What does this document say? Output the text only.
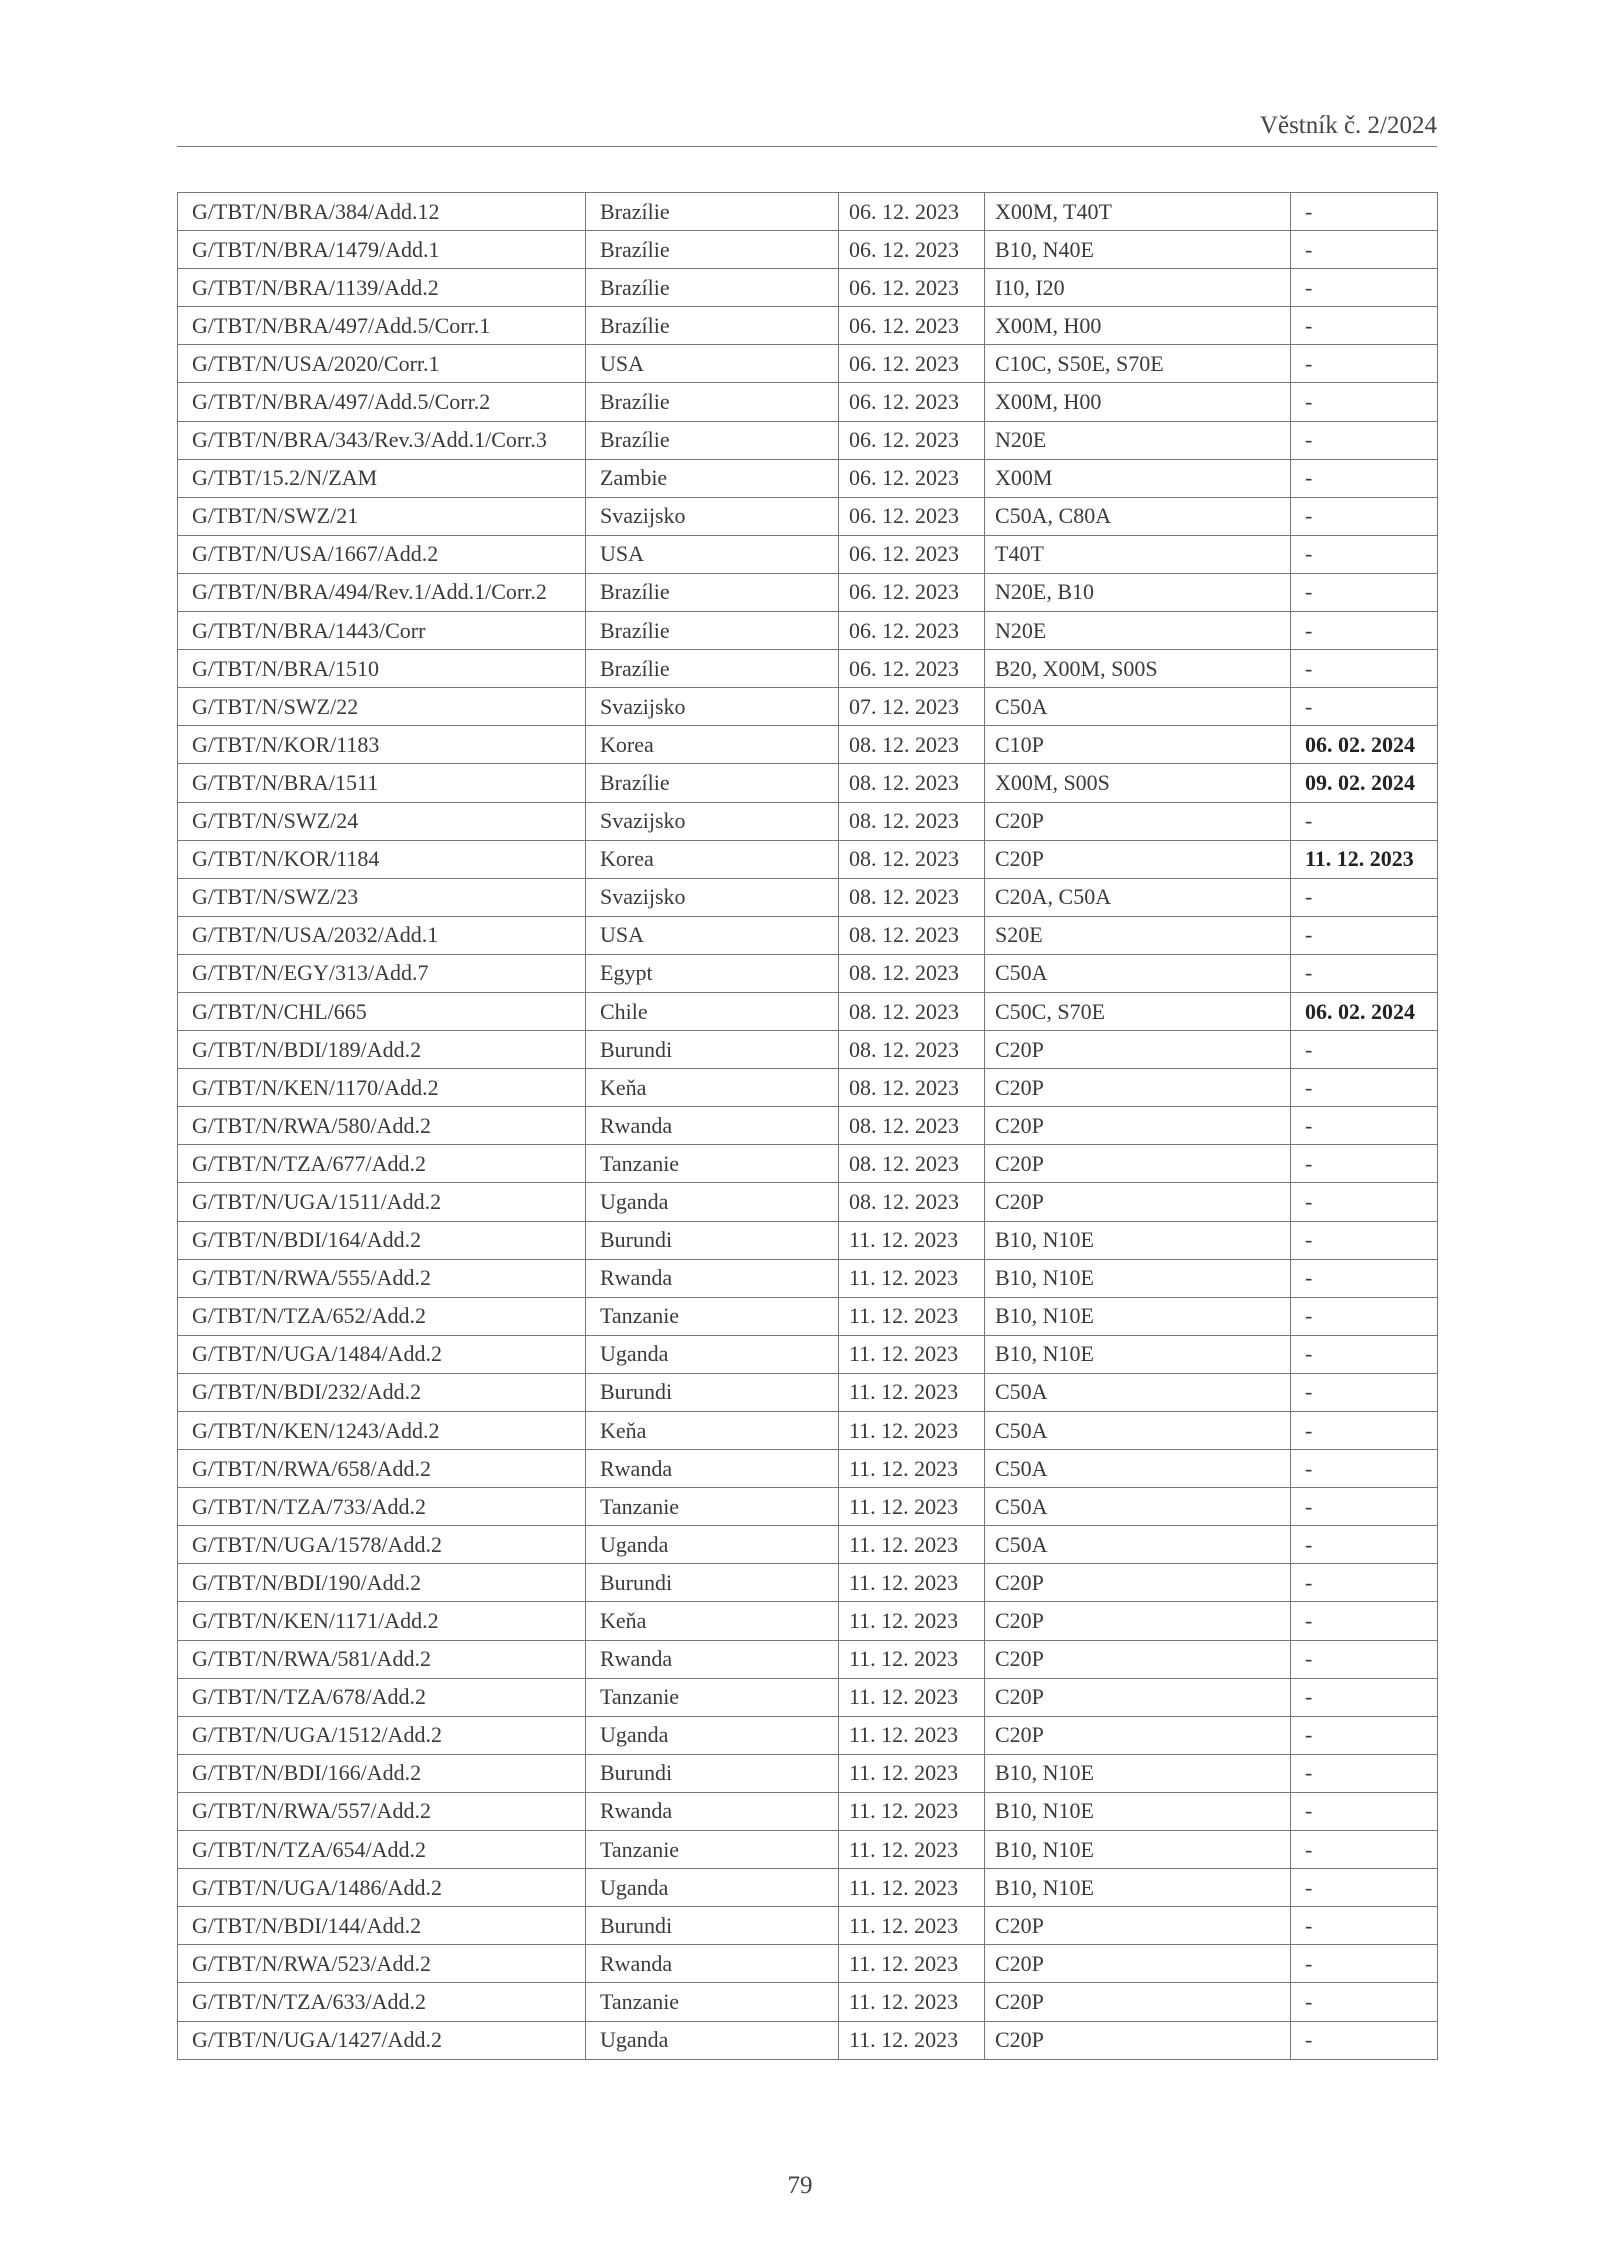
Věstník č. 2/2024
G/TBT/N/BRA/384/Add.12	Brazílie	06. 12. 2023	X00M, T40T	-
G/TBT/N/BRA/1479/Add.1	Brazílie	06. 12. 2023	B10, N40E	-
G/TBT/N/BRA/1139/Add.2	Brazílie	06. 12. 2023	I10, I20	-
G/TBT/N/BRA/497/Add.5/Corr.1	Brazílie	06. 12. 2023	X00M, H00	-
G/TBT/N/USA/2020/Corr.1	USA	06. 12. 2023	C10C, S50E, S70E	-
G/TBT/N/BRA/497/Add.5/Corr.2	Brazílie	06. 12. 2023	X00M, H00	-
G/TBT/N/BRA/343/Rev.3/Add.1/Corr.3	Brazílie	06. 12. 2023	N20E	-
G/TBT/15.2/N/ZAM	Zambie	06. 12. 2023	X00M	-
G/TBT/N/SWZ/21	Svazijsko	06. 12. 2023	C50A, C80A	-
G/TBT/N/USA/1667/Add.2	USA	06. 12. 2023	T40T	-
G/TBT/N/BRA/494/Rev.1/Add.1/Corr.2	Brazílie	06. 12. 2023	N20E, B10	-
G/TBT/N/BRA/1443/Corr	Brazílie	06. 12. 2023	N20E	-
G/TBT/N/BRA/1510	Brazílie	06. 12. 2023	B20, X00M, S00S	-
G/TBT/N/SWZ/22	Svazijsko	07. 12. 2023	C50A	-
G/TBT/N/KOR/1183	Korea	08. 12. 2023	C10P	06. 02. 2024
G/TBT/N/BRA/1511	Brazílie	08. 12. 2023	X00M, S00S	09. 02. 2024
G/TBT/N/SWZ/24	Svazijsko	08. 12. 2023	C20P	-
G/TBT/N/KOR/1184	Korea	08. 12. 2023	C20P	11. 12. 2023
G/TBT/N/SWZ/23	Svazijsko	08. 12. 2023	C20A, C50A	-
G/TBT/N/USA/2032/Add.1	USA	08. 12. 2023	S20E	-
G/TBT/N/EGY/313/Add.7	Egypt	08. 12. 2023	C50A	-
G/TBT/N/CHL/665	Chile	08. 12. 2023	C50C, S70E	06. 02. 2024
G/TBT/N/BDI/189/Add.2	Burundi	08. 12. 2023	C20P	-
G/TBT/N/KEN/1170/Add.2	Keňa	08. 12. 2023	C20P	-
G/TBT/N/RWA/580/Add.2	Rwanda	08. 12. 2023	C20P	-
G/TBT/N/TZA/677/Add.2	Tanzanie	08. 12. 2023	C20P	-
G/TBT/N/UGA/1511/Add.2	Uganda	08. 12. 2023	C20P	-
G/TBT/N/BDI/164/Add.2	Burundi	11. 12. 2023	B10, N10E	-
G/TBT/N/RWA/555/Add.2	Rwanda	11. 12. 2023	B10, N10E	-
G/TBT/N/TZA/652/Add.2	Tanzanie	11. 12. 2023	B10, N10E	-
G/TBT/N/UGA/1484/Add.2	Uganda	11. 12. 2023	B10, N10E	-
G/TBT/N/BDI/232/Add.2	Burundi	11. 12. 2023	C50A	-
G/TBT/N/KEN/1243/Add.2	Keňa	11. 12. 2023	C50A	-
G/TBT/N/RWA/658/Add.2	Rwanda	11. 12. 2023	C50A	-
G/TBT/N/TZA/733/Add.2	Tanzanie	11. 12. 2023	C50A	-
G/TBT/N/UGA/1578/Add.2	Uganda	11. 12. 2023	C50A	-
G/TBT/N/BDI/190/Add.2	Burundi	11. 12. 2023	C20P	-
G/TBT/N/KEN/1171/Add.2	Keňa	11. 12. 2023	C20P	-
G/TBT/N/RWA/581/Add.2	Rwanda	11. 12. 2023	C20P	-
G/TBT/N/TZA/678/Add.2	Tanzanie	11. 12. 2023	C20P	-
G/TBT/N/UGA/1512/Add.2	Uganda	11. 12. 2023	C20P	-
G/TBT/N/BDI/166/Add.2	Burundi	11. 12. 2023	B10, N10E	-
G/TBT/N/RWA/557/Add.2	Rwanda	11. 12. 2023	B10, N10E	-
G/TBT/N/TZA/654/Add.2	Tanzanie	11. 12. 2023	B10, N10E	-
G/TBT/N/UGA/1486/Add.2	Uganda	11. 12. 2023	B10, N10E	-
G/TBT/N/BDI/144/Add.2	Burundi	11. 12. 2023	C20P	-
G/TBT/N/RWA/523/Add.2	Rwanda	11. 12. 2023	C20P	-
G/TBT/N/TZA/633/Add.2	Tanzanie	11. 12. 2023	C20P	-
G/TBT/N/UGA/1427/Add.2	Uganda	11. 12. 2023	C20P	-
79
